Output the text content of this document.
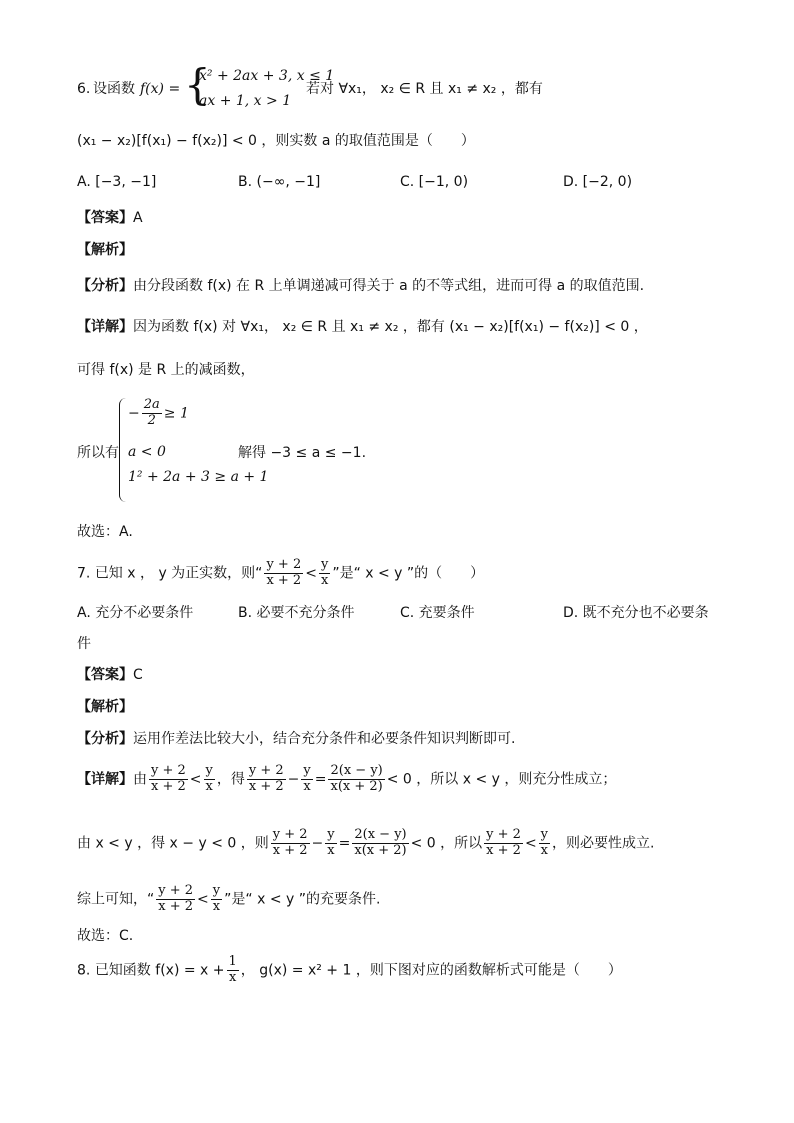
6. 设函数 f(x) = {
x² + 2ax + 3, x ≤ 1
ax + 1, x > 1
若对 ∀x₁， x₂ ∈ R 且 x₁ ≠ x₂ ，都有
(x₁ − x₂)[f(x₁) − f(x₂)] < 0 ，则实数 a 的取值范围是（　　）
A. [−3, −1]	B. (−∞, −1]	C. [−1, 0)	D. [−2, 0)
【答案】A
【解析】
【分析】由分段函数 f(x) 在 R 上单调递减可得关于 a 的不等式组，进而可得 a 的取值范围.
【详解】因为函数 f(x) 对 ∀x₁， x₂ ∈ R 且 x₁ ≠ x₂ ，都有 (x₁ − x₂)[f(x₁) − f(x₂)] < 0 ，
可得 f(x) 是 R 上的减函数，
所以有
− $\frac{2a}{2} \ge 1$
a < 0
1² + 2a + 3 ≥ a + 1
解得 −3 ≤ a ≤ −1.
故选：A.
7. 已知 x ， y 为正实数，则“ $\frac{y + 2}{x + 2} < \frac{y}{x}$ ”是“ x < y ”的（　　）
A. 充分不必要条件	B. 必要不充分条件	C. 充要条件	D. 既不充分也不必要条
件
【答案】C
【解析】
【分析】运用作差法比较大小，结合充分条件和必要条件知识判断即可.
【详解】由 $\frac{y + 2}{x + 2} < \frac{y}{x}$ ，得 $\frac{y + 2}{x + 2} - \frac{y}{x} = \frac{2(x - y)}{x(x + 2)} < 0$ ，所以 x < y ，则充分性成立；
由 x < y ，得 x − y < 0 ，则 $\frac{y + 2}{x + 2} - \frac{y}{x} = \frac{2(x - y)}{x(x + 2)} < 0$ ，所以 $\frac{y + 2}{x + 2} < \frac{y}{x}$ ，则必要性成立.
综上可知，“ $\frac{y + 2}{x + 2} < \frac{y}{x}$ ”是“ x < y ”的充要条件.
故选：C.
8. 已知函数 $f(x) = x + \frac{1}{x}$ ， g(x) = x² + 1 ，则下图对应的函数解析式可能是（　　）
